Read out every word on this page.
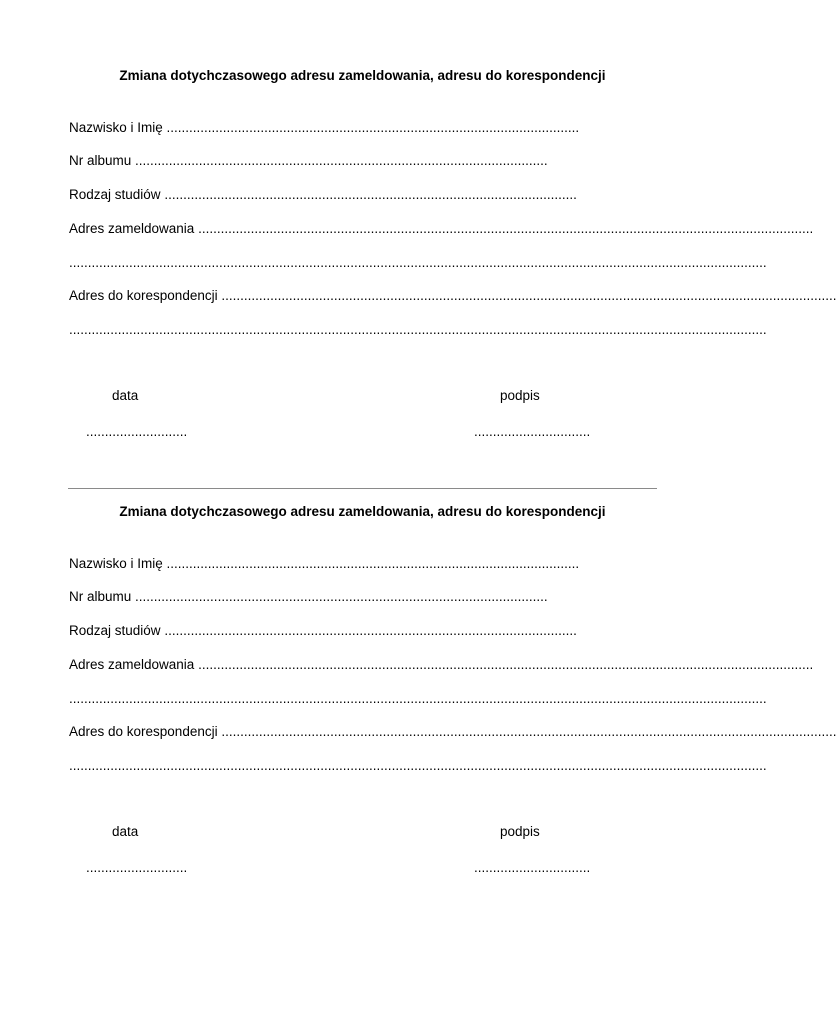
Zmiana dotychczasowego adresu zameldowania, adresu do korespondencji
Nazwisko i Imię ..............................................................................................................
Nr albumu ..............................................................................................................
Rodzaj studiów ..............................................................................................................
Adres zameldowania ....................................................................................................................................................................
..........................................................................................................................................................................................
Adres do korespondencji ....................................................................................................................................................................
..........................................................................................................................................................................................
data	podpis
...........................	...............................
Zmiana dotychczasowego adresu zameldowania, adresu do korespondencji
Nazwisko i Imię ..............................................................................................................
Nr albumu ..............................................................................................................
Rodzaj studiów ..............................................................................................................
Adres zameldowania ....................................................................................................................................................................
..........................................................................................................................................................................................
Adres do korespondencji ....................................................................................................................................................................
..........................................................................................................................................................................................
data	podpis
...........................	...............................
